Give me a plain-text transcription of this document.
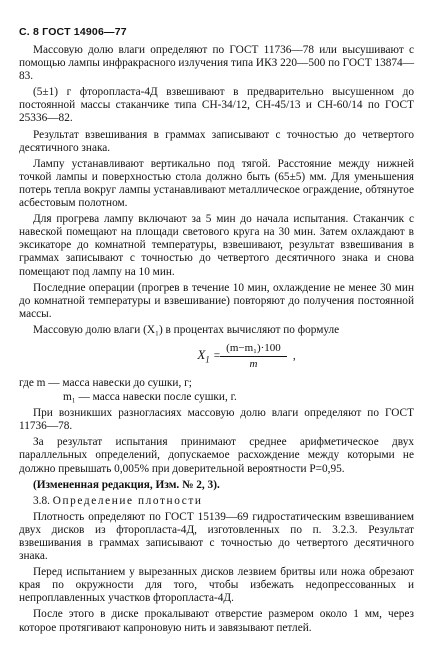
С. 8 ГОСТ 14906—77

Массовую долю влаги определяют по ГОСТ 11736—78 или высушивают с помощью лампы инфракрасного излучения типа ИКЗ 220—500 по ГОСТ 13874—83.

(5±1) г фторопласта-4Д взвешивают в предварительно высушенном до постоянной массы стаканчике типа СН-34/12, СН-45/13 и СН-60/14 по ГОСТ 25336—82.

Результат взвешивания в граммах записывают с точностью до четвертого десятичного знака.

Лампу устанавливают вертикально под тягой. Расстояние между нижней точкой лампы и поверхностью стола должно быть (65±5) мм. Для уменьшения потерь тепла вокруг лампы устанавливают металлическое ограждение, обтянутое асбестовым полотном.

Для прогрева лампу включают за 5 мин до начала испытания. Стаканчик с навеской помещают на площади светового круга на 30 мин. Затем охлаждают в эксикаторе до комнатной температуры, взвешивают, результат взвешивания в граммах записывают с точностью до четвертого десятичного знака и снова помещают под лампу на 10 мин.

Последние операции (прогрев в течение 10 мин, охлаждение не менее 30 мин до комнатной температуры и взвешивание) повторяют до получения постоянной массы.

Массовую долю влаги (X₁) в процентах вычисляют по формуле

$X_1 = \frac{\text{(m−m₁)·100}}{m}$ ,

где m — масса навески до сушки, г;

m₁ — масса навески после сушки, г.

При возникших разногласиях массовую долю влаги определяют по ГОСТ 11736—78.

За результат испытания принимают среднее арифметическое двух параллельных определений, допускаемое расхождение между которыми не должно превышать 0,005% при доверительной вероятности P=0,95.

(Измененная редакция, Изм. № 2, 3).

3.8. Определение плотности

Плотность определяют по ГОСТ 15139—69 гидростатическим взвешиванием двух дисков из фторопласта-4Д, изготовленных по п. 3.2.3. Результат взвешивания в граммах записывают с точностью до четвертого десятичного знака.

Перед испытанием у вырезанных дисков лезвием бритвы или ножа обрезают края по окружности для того, чтобы избежать недопрессованных и непроплавленных участков фторопласта-4Д.

После этого в диске прокалывают отверстие размером около 1 мм, через которое протягивают капроновую нить и завязывают петлей.
